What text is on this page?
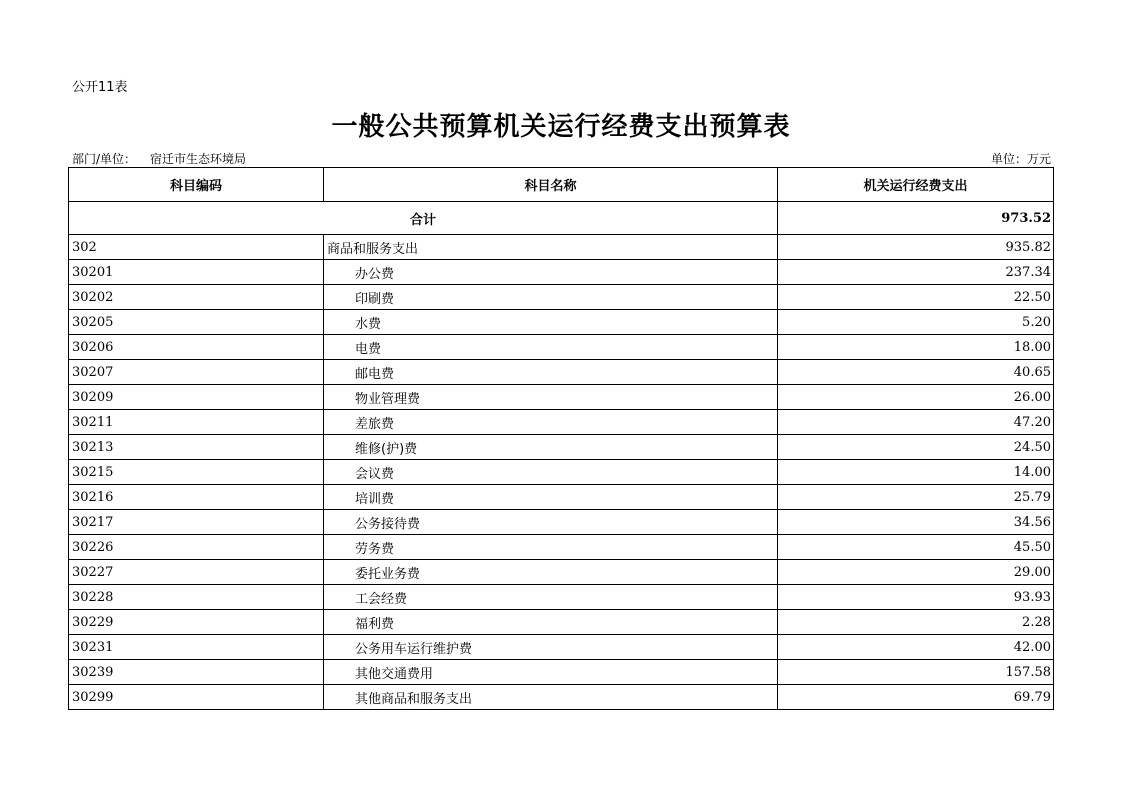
公开11表
一般公共预算机关运行经费支出预算表
部门/单位： 宿迁市生态环境局	单位：万元
科目编码	科目名称	机关运行经费支出
合计		973.52
302	商品和服务支出	935.82
30201	办公费	237.34
30202	印刷费	22.50
30205	水费	5.20
30206	电费	18.00
30207	邮电费	40.65
30209	物业管理费	26.00
30211	差旅费	47.20
30213	维修(护)费	24.50
30215	会议费	14.00
30216	培训费	25.79
30217	公务接待费	34.56
30226	劳务费	45.50
30227	委托业务费	29.00
30228	工会经费	93.93
30229	福利费	2.28
30231	公务用车运行维护费	42.00
30239	其他交通费用	157.58
30299	其他商品和服务支出	69.79
